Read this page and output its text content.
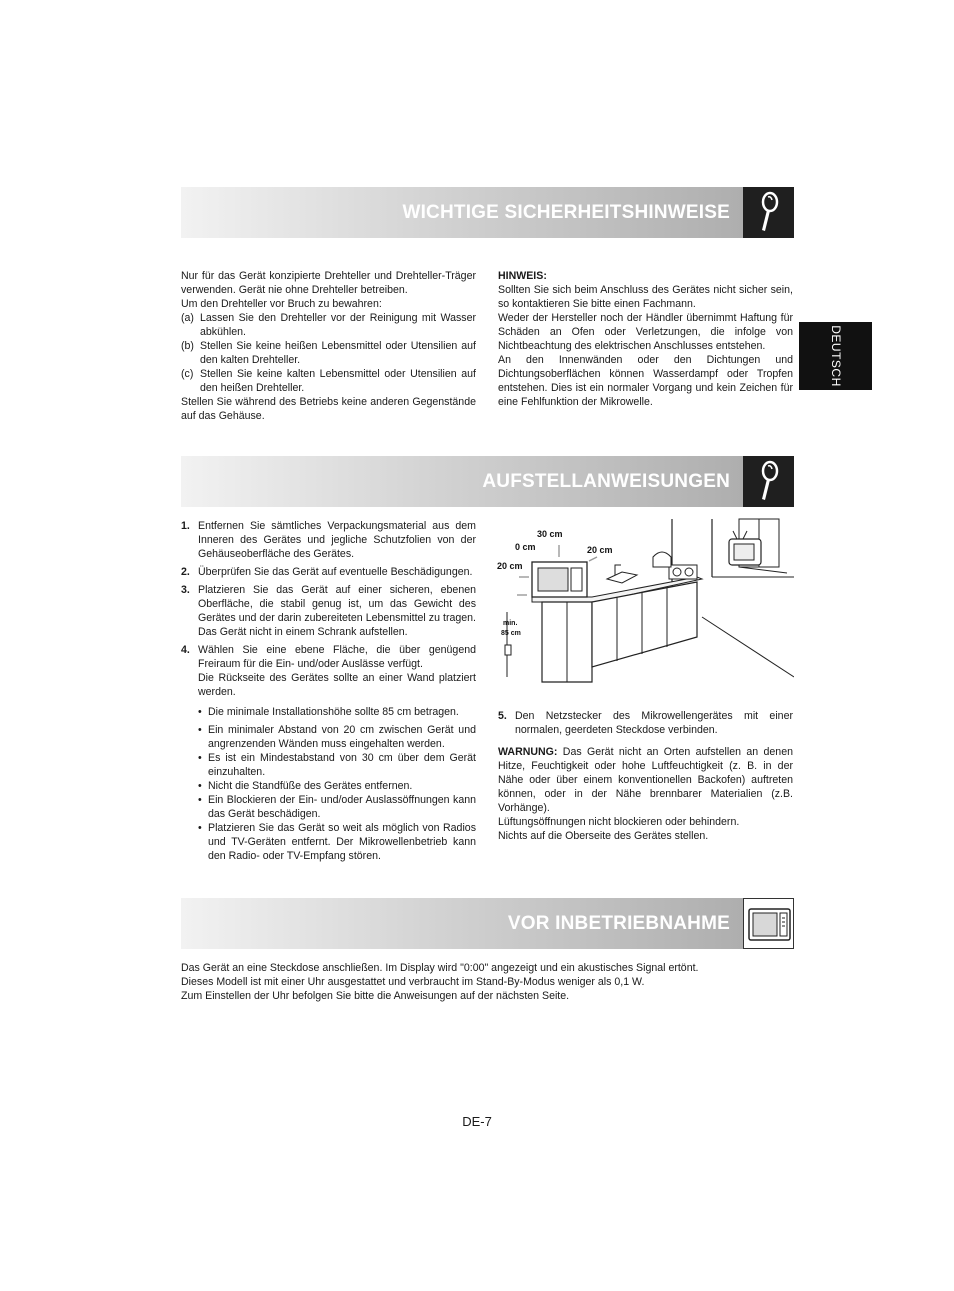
DEUTSCH
WICHTIGE SICHERHEITSHINWEISE

Nur für das Gerät konzipierte Drehteller und Drehteller-Träger verwenden. Gerät nie ohne Drehteller betreiben.

Um den Drehteller vor Bruch zu bewahren:

(a) Lassen Sie den Drehteller vor der Reinigung mit Wasser abkühlen.
(b) Stellen Sie keine heißen Lebensmittel oder Utensilien auf den kalten Drehteller.
(c) Stellen Sie keine kalten Lebensmittel oder Utensilien auf den heißen Drehteller.

Stellen Sie während des Betriebs keine anderen Gegenstände auf das Gehäuse.

HINWEIS:

Sollten Sie sich beim Anschluss des Gerätes nicht sicher sein, so kontaktieren Sie bitte einen Fachmann.

Weder der Hersteller noch der Händler übernimmt Haftung für Schäden an Ofen oder Verletzungen, die infolge von Nichtbeachtung des elektrischen Anschlusses entstehen.

An den Innenwänden oder den Dichtungen und Dichtungsoberflächen können Wasserdampf oder Tropfen entstehen. Dies ist ein normaler Vorgang und kein Zeichen für eine Fehlfunktion der Mikrowelle.

AUFSTELLANWEISUNGEN
1. Entfernen Sie sämtliches Verpackungsmaterial aus dem Inneren des Gerätes und jegliche Schutzfolien von der Gehäuseoberfläche des Gerätes.
2. Überprüfen Sie das Gerät auf eventuelle Beschädigungen.
3. Platzieren Sie das Gerät auf einer sicheren, ebenen Oberfläche, die stabil genug ist, um das Gewicht des Gerätes und der darin zubereiteten Lebensmittel zu tragen. Das Gerät nicht in einem Schrank aufstellen.
4. Wählen Sie eine ebene Fläche, die über genügend Freiraum für die Ein- und/oder Auslässe verfügt.
Die Rückseite des Gerätes sollte an einer Wand platziert werden.
• Die minimale Installationshöhe sollte 85 cm betragen.
• Ein minimaler Abstand von 20 cm zwischen Gerät und angrenzenden Wänden muss eingehalten werden.
• Es ist ein Mindestabstand von 30 cm über dem Gerät einzuhalten.
• Nicht die Standfüße des Gerätes entfernen.
• Ein Blockieren der Ein- und/oder Auslassöffnungen kann das Gerät beschädigen.
• Platzieren Sie das Gerät so weit als möglich von Radios und TV-Geräten entfernt. Der Mikrowellenbetrieb kann den Radio- oder TV-Empfang stören.
30 cm
0 cm	20 cm
20 cm
min.
85 cm
5. Den Netzstecker des Mikrowellengerätes mit einer normalen, geerdeten Steckdose verbinden.

WARNUNG: Das Gerät nicht an Orten aufstellen an denen Hitze, Feuchtigkeit oder hohe Luftfeuchtigkeit (z. B. in der Nähe oder über einem konventionellen Backofen) auftreten können, oder in der Nähe brennbarer Materialien (z.B. Vorhänge).

Lüftungsöffnungen nicht blockieren oder behindern.

Nichts auf die Oberseite des Gerätes stellen.

VOR INBETRIEBNAHME

Das Gerät an eine Steckdose anschließen. Im Display wird "0:00" angezeigt und ein akustisches Signal ertönt.

Dieses Modell ist mit einer Uhr ausgestattet und verbraucht im Stand-By-Modus weniger als 0,1 W.

Zum Einstellen der Uhr befolgen Sie bitte die Anweisungen auf der nächsten Seite.

DE-7
